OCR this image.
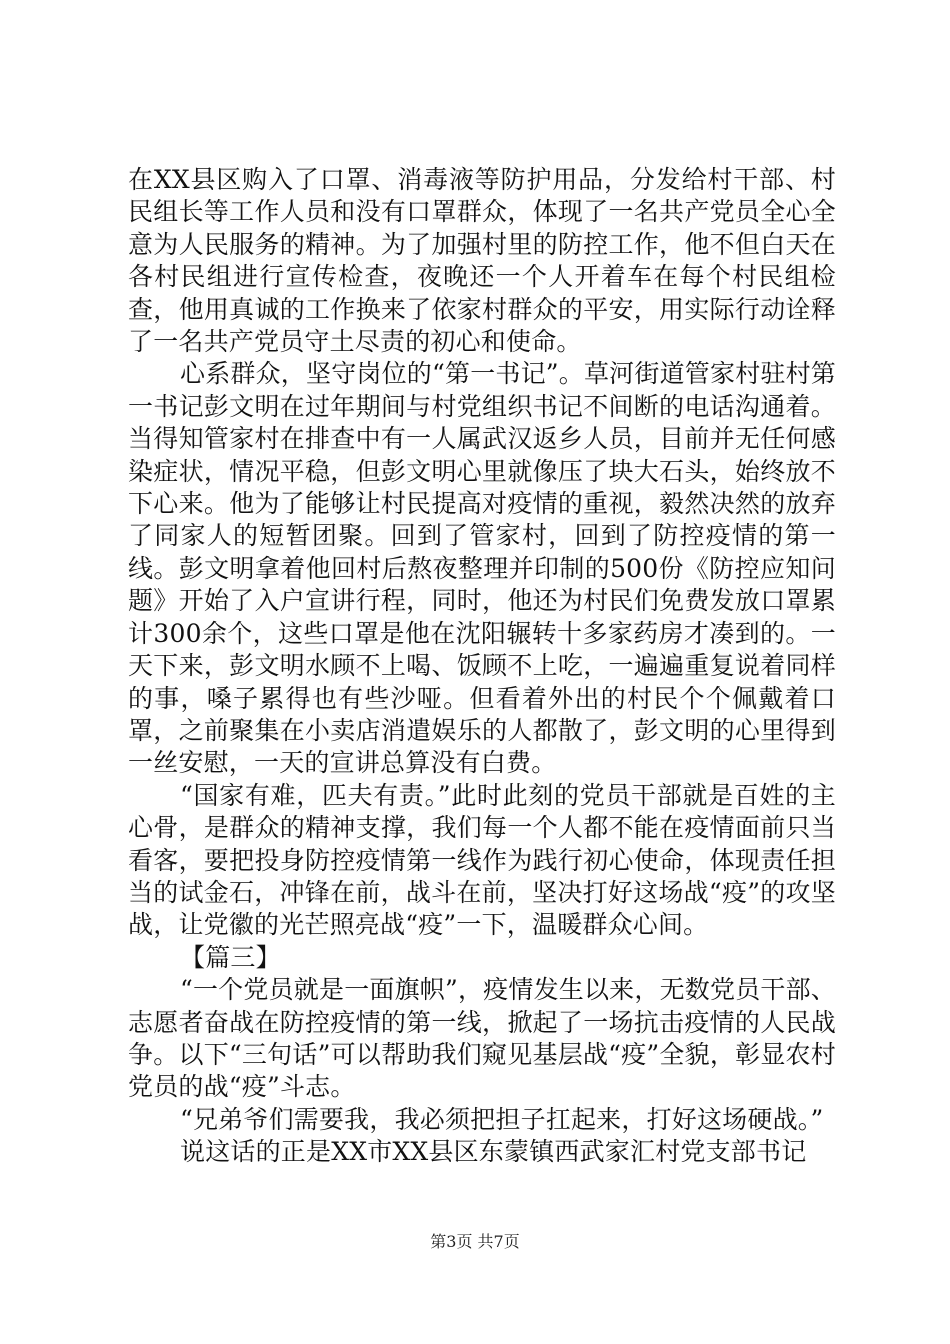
在XX县区购入了口罩、消毒液等防护用品，分发给村干部、村民组长等工作人员和没有口罩群众，体现了一名共产党员全心全意为人民服务的精神。为了加强村里的防控工作，他不但白天在各村民组进行宣传检查，夜晚还一个人开着车在每个村民组检查，他用真诚的工作换来了依家村群众的平安，用实际行动诠释了一名共产党员守土尽责的初心和使命。

心系群众，坚守岗位的“第一书记”。草河街道管家村驻村第一书记彭文明在过年期间与村党组织书记不间断的电话沟通着。当得知管家村在排查中有一人属武汉返乡人员，目前并无任何感染症状，情况平稳，但彭文明心里就像压了块大石头，始终放不下心来。他为了能够让村民提高对疫情的重视，毅然决然的放弃了同家人的短暂团聚。回到了管家村，回到了防控疫情的第一线。彭文明拿着他回村后熬夜整理并印制的500份《防控应知问题》开始了入户宣讲行程，同时，他还为村民们免费发放口罩累计300余个，这些口罩是他在沈阳辗转十多家药房才凑到的。一天下来，彭文明水顾不上喝、饭顾不上吃，一遍遍重复说着同样的事，嗓子累得也有些沙哑。但看着外出的村民个个佩戴着口罩，之前聚集在小卖店消遣娱乐的人都散了，彭文明的心里得到一丝安慰，一天的宣讲总算没有白费。

“国家有难，匹夫有责。”此时此刻的党员干部就是百姓的主心骨，是群众的精神支撑，我们每一个人都不能在疫情面前只当看客，要把投身防控疫情第一线作为践行初心使命，体现责任担当的试金石，冲锋在前，战斗在前，坚决打好这场战“疫”的攻坚战，让党徽的光芒照亮战“疫”一下，温暖群众心间。

【篇三】

“一个党员就是一面旗帜”，疫情发生以来，无数党员干部、志愿者奋战在防控疫情的第一线，掀起了一场抗击疫情的人民战争。以下“三句话”可以帮助我们窥见基层战“疫”全貌，彰显农村党员的战“疫”斗志。

“兄弟爷们需要我，我必须把担子扛起来，打好这场硬战。”

说这话的正是XX市XX县区东蒙镇西武家汇村党支部书记

第3页 共7页
